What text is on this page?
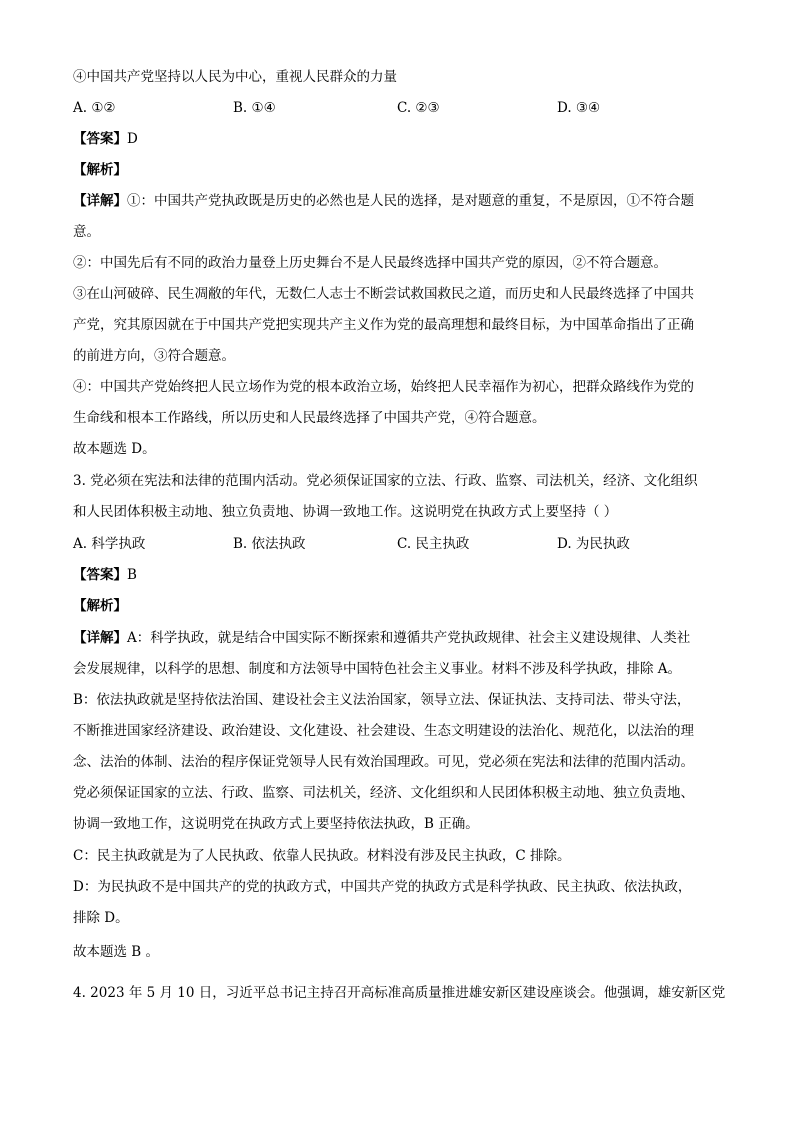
④中国共产党坚持以人民为中心，重视人民群众的力量
A. ①②	B. ①④	C. ②③	D. ③④
【答案】D
【解析】
【详解】①：中国共产党执政既是历史的必然也是人民的选择，是对题意的重复，不是原因，①不符合题
意。
②：中国先后有不同的政治力量登上历史舞台不是人民最终选择中国共产党的原因，②不符合题意。
③在山河破碎、民生凋敝的年代，无数仁人志士不断尝试救国救民之道，而历史和人民最终选择了中国共
产党，究其原因就在于中国共产党把实现共产主义作为党的最高理想和最终目标，为中国革命指出了正确
的前进方向，③符合题意。
④：中国共产党始终把人民立场作为党的根本政治立场，始终把人民幸福作为初心，把群众路线作为党的
生命线和根本工作路线，所以历史和人民最终选择了中国共产党，④符合题意。
故本题选 D。
3. 党必须在宪法和法律的范围内活动。党必须保证国家的立法、行政、监察、司法机关，经济、文化组织
和人民团体积极主动地、独立负责地、协调一致地工作。这说明党在执政方式上要坚持（ ）
A. 科学执政	B. 依法执政	C. 民主执政	D. 为民执政
【答案】B
【解析】
【详解】A：科学执政，就是结合中国实际不断探索和遵循共产党执政规律、社会主义建设规律、人类社
会发展规律，以科学的思想、制度和方法领导中国特色社会主义事业。材料不涉及科学执政，排除 A。
B：依法执政就是坚持依法治国、建设社会主义法治国家，领导立法、保证执法、支持司法、带头守法，
不断推进国家经济建设、政治建设、文化建设、社会建设、生态文明建设的法治化、规范化，以法治的理
念、法治的体制、法治的程序保证党领导人民有效治国理政。可见，党必须在宪法和法律的范围内活动。
党必须保证国家的立法、行政、监察、司法机关，经济、文化组织和人民团体积极主动地、独立负责地、
协调一致地工作，这说明党在执政方式上要坚持依法执政，B 正确。
C：民主执政就是为了人民执政、依靠人民执政。材料没有涉及民主执政，C 排除。
D：为民执政不是中国共产的党的执政方式，中国共产党的执政方式是科学执政、民主执政、依法执政，
排除 D。
故本题选 B 。
4. 2023 年 5 月 10 日，习近平总书记主持召开高标准高质量推进雄安新区建设座谈会。他强调，雄安新区党
